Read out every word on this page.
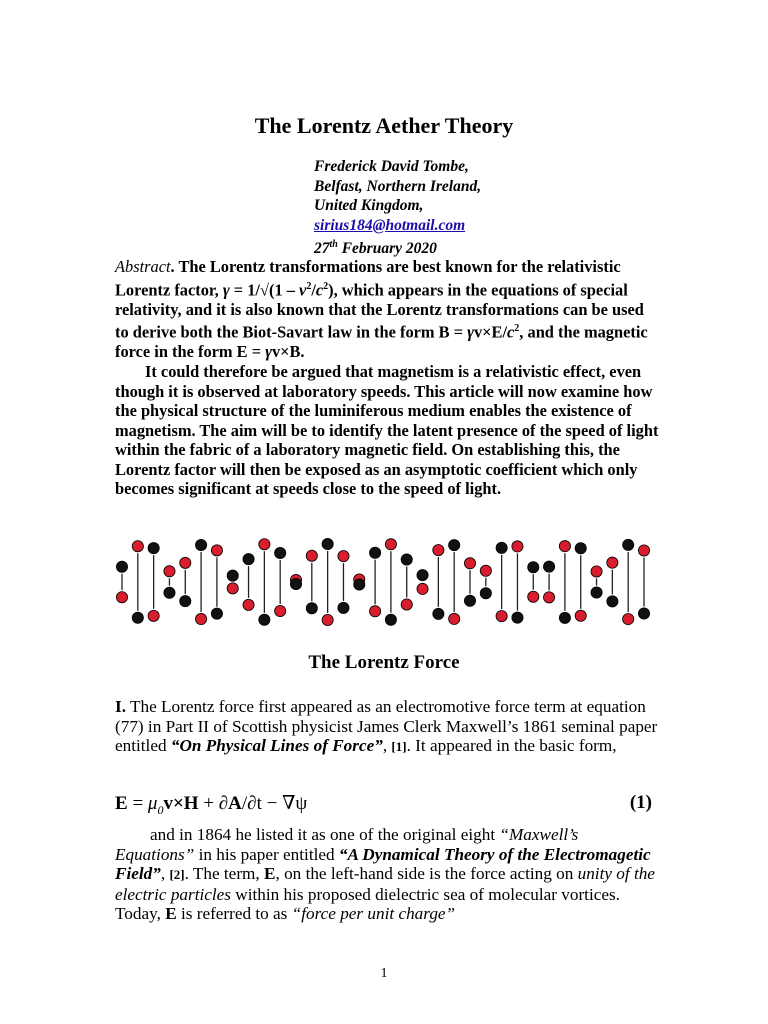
The Lorentz Aether Theory
Frederick David Tombe,
Belfast, Northern Ireland,
United Kingdom,
sirius184@hotmail.com
27th February 2020

Abstract. The Lorentz transformations are best known for the relativistic Lorentz factor, $\gamma = 1/√(1 - v^2/c^2)$, which appears in the equations of special relativity, and it is also known that the Lorentz transformations can be used to derive both the Biot-Savart law in the form $B = \gamma v\times E/c^2$, and the magnetic force in the form E = γv×B.

It could therefore be argued that magnetism is a relativistic effect, even though it is observed at laboratory speeds. This article will now examine how the physical structure of the luminiferous medium enables the existence of magnetism. The aim will be to identify the latent presence of the speed of light within the fabric of a laboratory magnetic field. On establishing this, the Lorentz factor will then be exposed as an asymptotic coefficient which only becomes significant at speeds close to the speed of light.

The Lorentz Force

I. The Lorentz force first appeared as an electromotive force term at equation (77) in Part II of Scottish physicist James Clerk Maxwell’s 1861 seminal paper entitled “On Physical Lines of Force”, [1]. It appeared in the basic form,

$E = \mu_0v\times H + \partial A/\partial t - \nabla\psi$	(1)

and in 1864 he listed it as one of the original eight “Maxwell’s Equations” in his paper entitled “A Dynamical Theory of the Electromagetic Field”, [2]. The term, E, on the left-hand side is the force acting on unity of the electric particles within his proposed dielectric sea of molecular vortices. Today, E is referred to as “force per unit charge”

1
